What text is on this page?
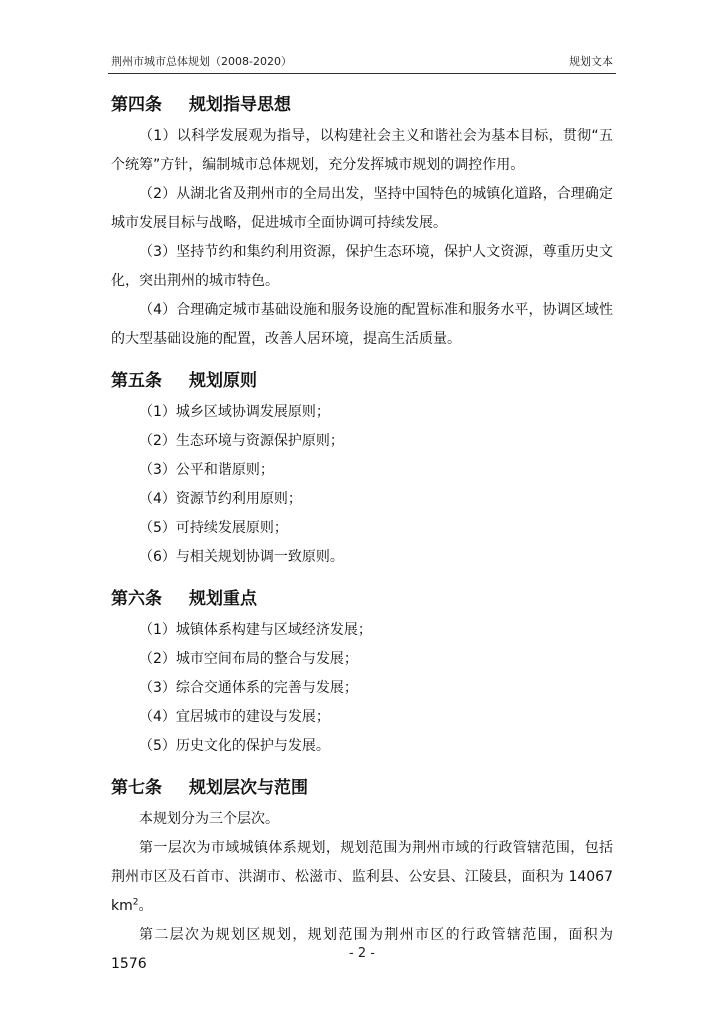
荆州市城市总体规划（2008-2020）	规划文本
第四条 规划指导思想

（1）以科学发展观为指导，以构建社会主义和谐社会为基本目标，贯彻“五个统筹”方针，编制城市总体规划，充分发挥城市规划的调控作用。

（2）从湖北省及荆州市的全局出发，坚持中国特色的城镇化道路，合理确定城市发展目标与战略，促进城市全面协调可持续发展。

（3）坚持节约和集约利用资源，保护生态环境，保护人文资源，尊重历史文化，突出荆州的城市特色。

（4）合理确定城市基础设施和服务设施的配置标准和服务水平，协调区域性的大型基础设施的配置，改善人居环境，提高生活质量。

第五条 规划原则

（1）城乡区域协调发展原则；

（2）生态环境与资源保护原则；

（3）公平和谐原则；

（4）资源节约利用原则；

（5）可持续发展原则；

（6）与相关规划协调一致原则。

第六条 规划重点

（1）城镇体系构建与区域经济发展；

（2）城市空间布局的整合与发展；

（3）综合交通体系的完善与发展；

（4）宜居城市的建设与发展；

（5）历史文化的保护与发展。

第七条 规划层次与范围

本规划分为三个层次。

第一层次为市域城镇体系规划，规划范围为荆州市域的行政管辖范围，包括荆州市区及石首市、洪湖市、松滋市、监利县、公安县、江陵县，面积为 14067 $km^2$。

第二层次为规划区规划，规划范围为荆州市区的行政管辖范围，面积为 1576

- 2 -
